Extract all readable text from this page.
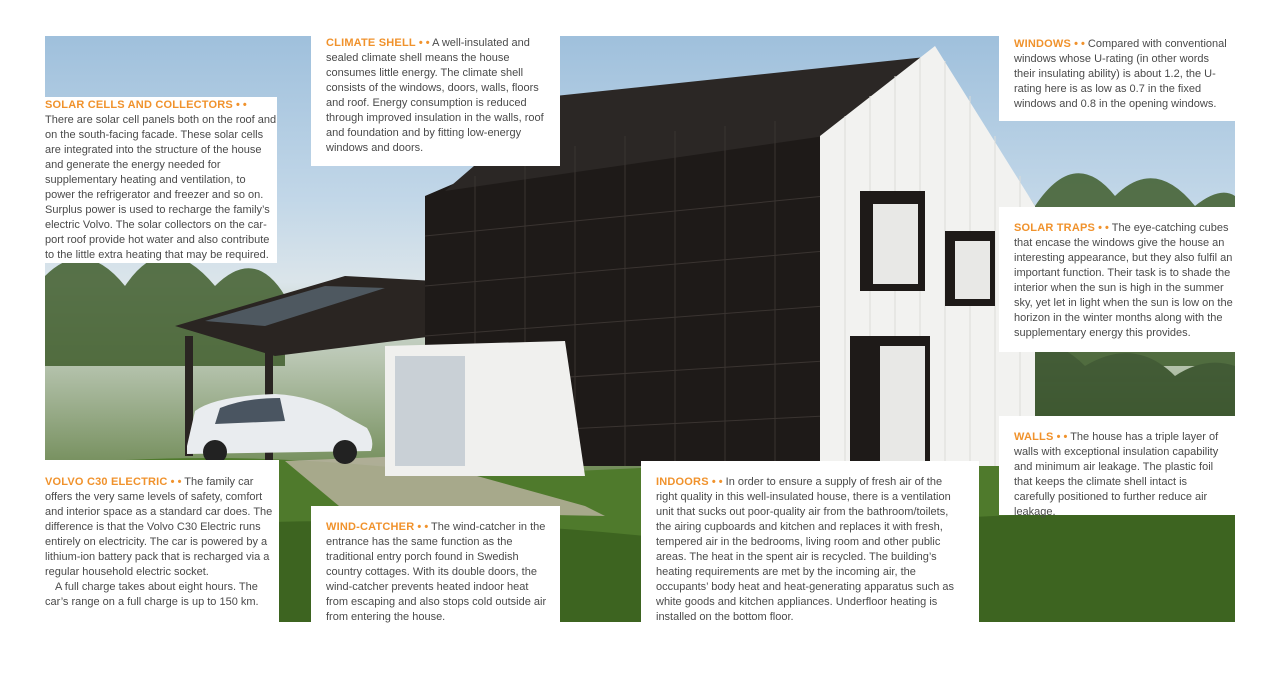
SOLAR CELLS AND COLLECTORS • •

There are solar cell panels both on the roof and on the south-facing facade. These solar cells are integrated into the structure of the house and generate the energy needed for supplementary heating and ventilation, to power the refrigerator and freezer and so on. Surplus power is used to recharge the family’s electric Volvo. The solar collectors on the car-port roof provide hot water and also contribute to the little extra heating that may be required.

CLIMATE SHELL • • A well-insulated and sealed climate shell means the house consumes little energy. The climate shell consists of the windows, doors, walls, floors and roof. Energy consumption is reduced through improved insulation in the walls, roof and foundation and by fitting low-energy windows and doors.

WINDOWS • • Compared with conventional windows whose U-rating (in other words their insulating ability) is about 1.2, the U-rating here is as low as 0.7 in the fixed windows and 0.8 in the opening windows.

SOLAR TRAPS • • The eye-catching cubes that encase the windows give the house an interesting appearance, but they also fulfil an important function. Their task is to shade the interior when the sun is high in the summer sky, yet let in light when the sun is low on the horizon in the winter months along with the supplementary energy this provides.

WALLS • • The house has a triple layer of walls with exceptional insulation capability and minimum air leakage. The plastic foil that keeps the climate shell intact is carefully positioned to further reduce air leakage.

VOLVO C30 ELECTRIC • • The family car offers the very same levels of safety, comfort and interior space as a standard car does. The difference is that the Volvo C30 Electric runs entirely on electricity. The car is powered by a lithium-ion battery pack that is recharged via a regular household electric socket.

A full charge takes about eight hours. The car’s range on a full charge is up to 150 km.

WIND-CATCHER • • The wind-catcher in the entrance has the same function as the traditional entry porch found in Swedish country cottages. With its double doors, the wind-catcher prevents heated indoor heat from escaping and also stops cold outside air from entering the house.

INDOORS • • In order to ensure a supply of fresh air of the right quality in this well-insulated house, there is a ventilation unit that sucks out poor-quality air from the bathroom/toilets, the airing cupboards and kitchen and replaces it with fresh, tempered air in the bedrooms, living room and other public areas. The heat in the spent air is recycled. The building’s heating requirements are met by the incoming air, the occupants’ body heat and heat-generating apparatus such as white goods and kitchen appliances. Underfloor heating is installed on the bottom floor.
